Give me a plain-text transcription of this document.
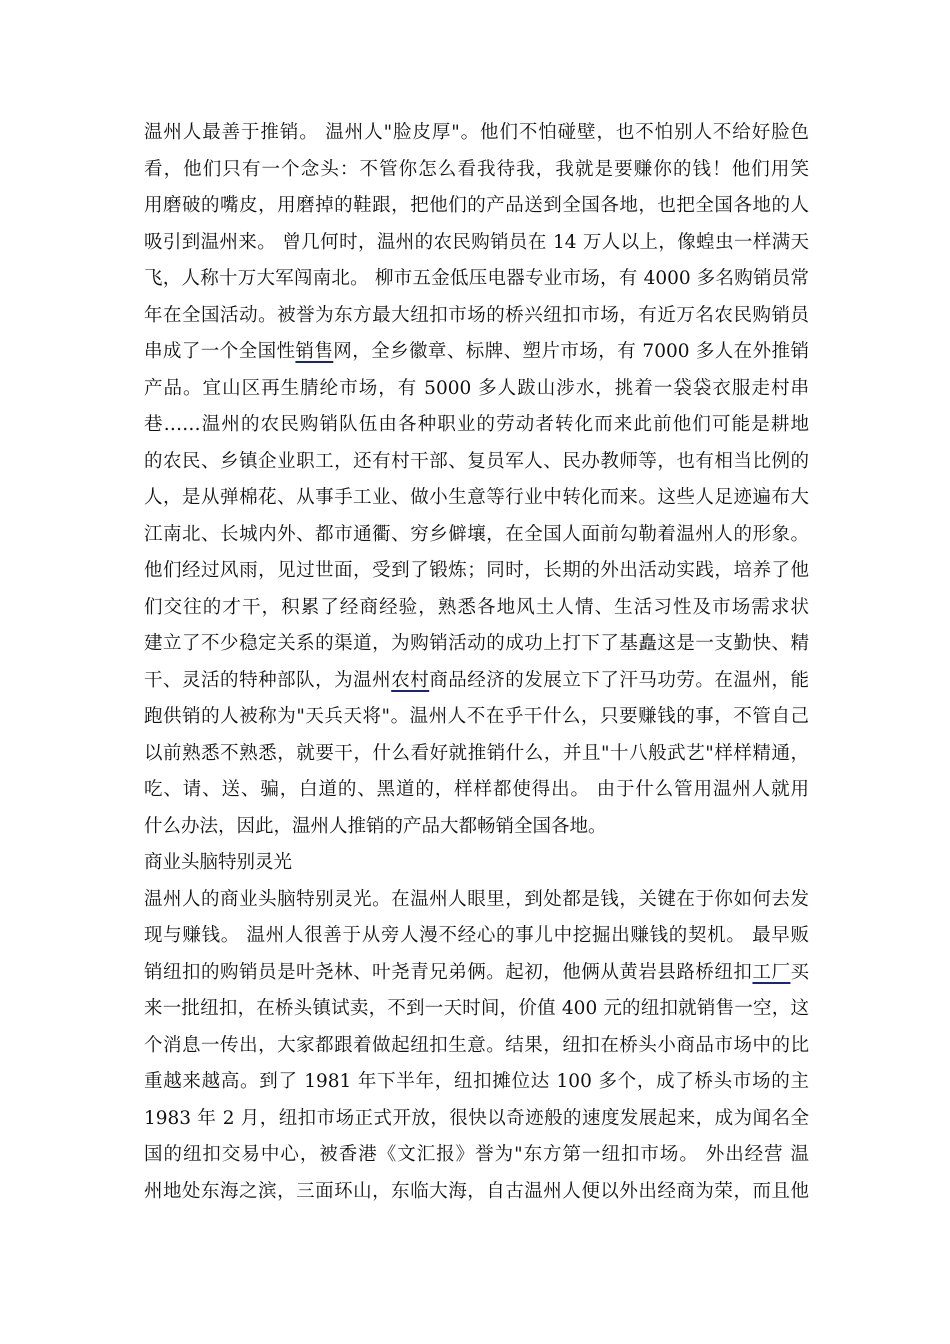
温州人最善于推销。 温州人"脸皮厚"。他们不怕碰壁，也不怕别人不给好脸色
看，他们只有一个念头：不管你怎么看我待我，我就是要赚你的钱！他们用笑
用磨破的嘴皮，用磨掉的鞋跟，把他们的产品送到全国各地，也把全国各地的人
吸引到温州来。 曾几何时，温州的农民购销员在 14 万人以上，像蝗虫一样满天
飞，人称十万大军闯南北。 柳市五金低压电器专业市场，有 4000 多名购销员常
年在全国活动。被誉为东方最大纽扣市场的桥兴纽扣市场，有近万名农民购销员
串成了一个全国性销售网，全乡徽章、标牌、塑片市场，有 7000 多人在外推销
产品。宜山区再生腈纶市场，有 5000 多人跋山涉水，挑着一袋袋衣服走村串
巷……温州的农民购销队伍由各种职业的劳动者转化而来此前他们可能是耕地
的农民、乡镇企业职工，还有村干部、复员军人、民办教师等，也有相当比例的
人，是从弹棉花、从事手工业、做小生意等行业中转化而来。这些人足迹遍布大
江南北、长城内外、都市通衢、穷乡僻壤，在全国人面前勾勒着温州人的形象。
他们经过风雨，见过世面，受到了锻炼；同时，长期的外出活动实践，培养了他
们交往的才干，积累了经商经验，熟悉各地风土人情、生活习性及市场需求状
建立了不少稳定关系的渠道，为购销活动的成功上打下了基矗这是一支勤快、精
干、灵活的特种部队，为温州农村商品经济的发展立下了汗马功劳。在温州，能
跑供销的人被称为"天兵天将"。温州人不在乎干什么，只要赚钱的事，不管自己
以前熟悉不熟悉，就要干，什么看好就推销什么，并且"十八般武艺"样样精通，
吃、请、送、骗，白道的、黑道的，样样都使得出。 由于什么管用温州人就用
什么办法，因此，温州人推销的产品大都畅销全国各地。
商业头脑特别灵光
温州人的商业头脑特别灵光。在温州人眼里，到处都是钱，关键在于你如何去发
现与赚钱。 温州人很善于从旁人漫不经心的事儿中挖掘出赚钱的契机。 最早贩
销纽扣的购销员是叶尧林、叶尧青兄弟俩。起初，他俩从黄岩县路桥纽扣工厂买
来一批纽扣，在桥头镇试卖，不到一天时间，价值 400 元的纽扣就销售一空，这
个消息一传出，大家都跟着做起纽扣生意。结果，纽扣在桥头小商品市场中的比
重越来越高。到了 1981 年下半年，纽扣摊位达 100 多个，成了桥头市场的主
1983 年 2 月，纽扣市场正式开放，很快以奇迹般的速度发展起来，成为闻名全
国的纽扣交易中心，被香港《文汇报》誉为"东方第一纽扣市场。 外出经营 温
州地处东海之滨，三面环山，东临大海，自古温州人便以外出经商为荣，而且他
